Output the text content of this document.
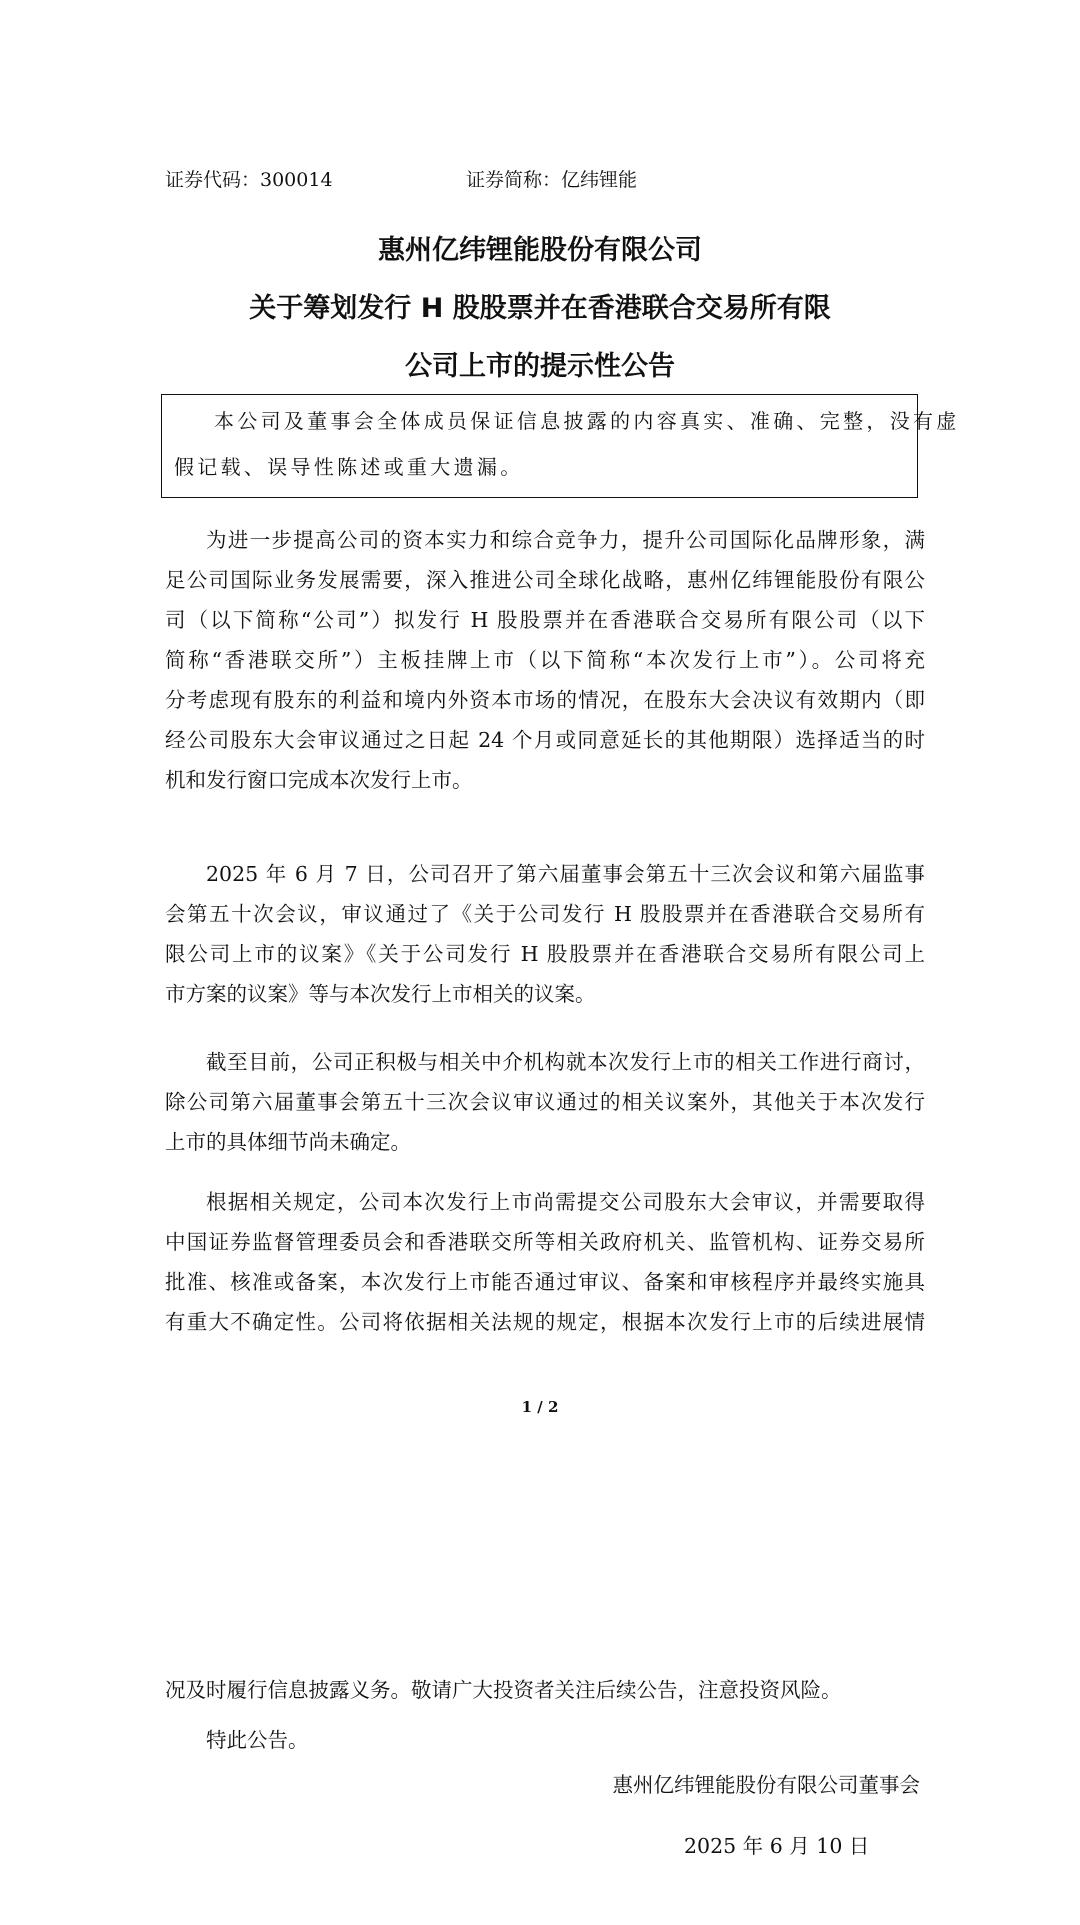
证券代码：300014	证券简称：亿纬锂能
惠州亿纬锂能股份有限公司
关于筹划发行 H 股股票并在香港联合交易所有限
公司上市的提示性公告
本公司及董事会全体成员保证信息披露的内容真实、准确、完整，没有虚
假记载、误导性陈述或重大遗漏。
为进一步提高公司的资本实力和综合竞争力，提升公司国际化品牌形象，满
足公司国际业务发展需要，深入推进公司全球化战略，惠州亿纬锂能股份有限公
司（以下简称“公司”）拟发行 H 股股票并在香港联合交易所有限公司（以下
简称“香港联交所”）主板挂牌上市（以下简称“本次发行上市”）。公司将充
分考虑现有股东的利益和境内外资本市场的情况，在股东大会决议有效期内（即
经公司股东大会审议通过之日起 24 个月或同意延长的其他期限）选择适当的时
机和发行窗口完成本次发行上市。
2025 年 6 月 7 日，公司召开了第六届董事会第五十三次会议和第六届监事
会第五十次会议，审议通过了《关于公司发行 H 股股票并在香港联合交易所有
限公司上市的议案》《关于公司发行 H 股股票并在香港联合交易所有限公司上
市方案的议案》等与本次发行上市相关的议案。
截至目前，公司正积极与相关中介机构就本次发行上市的相关工作进行商讨，
除公司第六届董事会第五十三次会议审议通过的相关议案外，其他关于本次发行
上市的具体细节尚未确定。
根据相关规定，公司本次发行上市尚需提交公司股东大会审议，并需要取得
中国证券监督管理委员会和香港联交所等相关政府机关、监管机构、证券交易所
批准、核准或备案，本次发行上市能否通过审议、备案和审核程序并最终实施具
有重大不确定性。公司将依据相关法规的规定，根据本次发行上市的后续进展情
1 / 2
况及时履行信息披露义务。敬请广大投资者关注后续公告，注意投资风险。
特此公告。
惠州亿纬锂能股份有限公司董事会
2025 年 6 月 10 日
